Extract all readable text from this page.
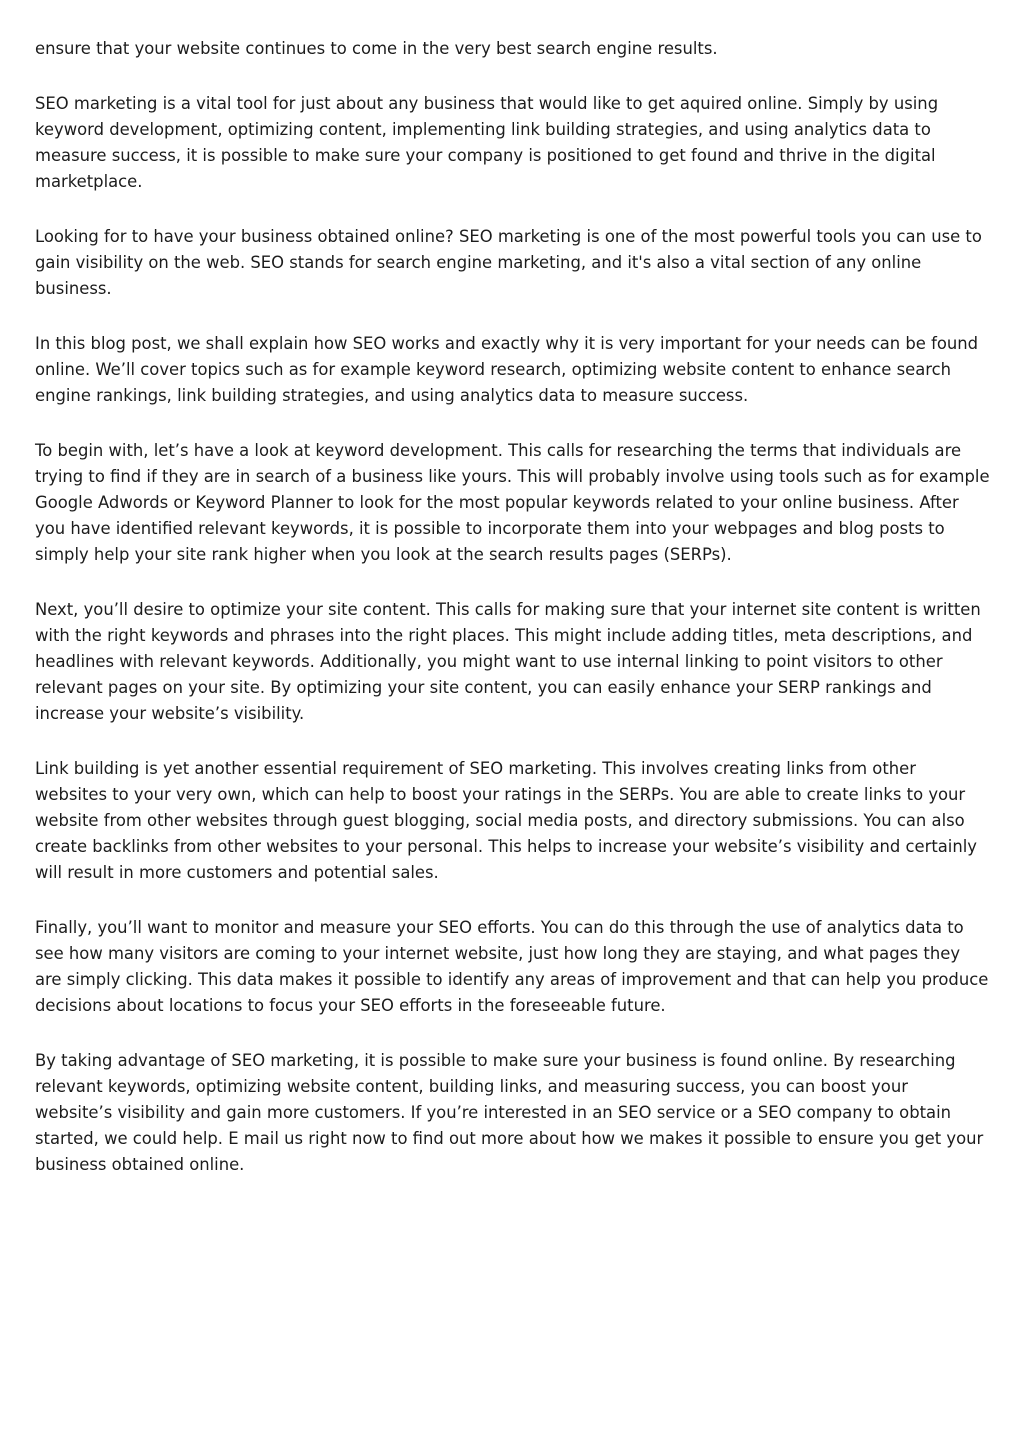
ensure that your website continues to come in the very best search engine results.

SEO marketing is a vital tool for just about any business that would like to get aquired online. Simply by using keyword development, optimizing content, implementing link building strategies, and using analytics data to measure success, it is possible to make sure your company is positioned to get found and thrive in the digital marketplace.

Looking for to have your business obtained online? SEO marketing is one of the most powerful tools you can use to gain visibility on the web. SEO stands for search engine marketing, and it's also a vital section of any online business.

In this blog post, we shall explain how SEO works and exactly why it is very important for your needs can be found online. We’ll cover topics such as for example keyword research, optimizing website content to enhance search engine rankings, link building strategies, and using analytics data to measure success.

To begin with, let’s have a look at keyword development. This calls for researching the terms that individuals are trying to find if they are in search of a business like yours. This will probably involve using tools such as for example Google Adwords or Keyword Planner to look for the most popular keywords related to your online business. After you have identified relevant keywords, it is possible to incorporate them into your webpages and blog posts to simply help your site rank higher when you look at the search results pages (SERPs).

Next, you’ll desire to optimize your site content. This calls for making sure that your internet site content is written with the right keywords and phrases into the right places. This might include adding titles, meta descriptions, and headlines with relevant keywords. Additionally, you might want to use internal linking to point visitors to other relevant pages on your site. By optimizing your site content, you can easily enhance your SERP rankings and increase your website’s visibility.

Link building is yet another essential requirement of SEO marketing. This involves creating links from other websites to your very own, which can help to boost your ratings in the SERPs. You are able to create links to your website from other websites through guest blogging, social media posts, and directory submissions. You can also create backlinks from other websites to your personal. This helps to increase your website’s visibility and certainly will result in more customers and potential sales.

Finally, you’ll want to monitor and measure your SEO efforts. You can do this through the use of analytics data to see how many visitors are coming to your internet website, just how long they are staying, and what pages they are simply clicking. This data makes it possible to identify any areas of improvement and that can help you produce decisions about locations to focus your SEO efforts in the foreseeable future.

By taking advantage of SEO marketing, it is possible to make sure your business is found online. By researching relevant keywords, optimizing website content, building links, and measuring success, you can boost your website’s visibility and gain more customers. If you’re interested in an SEO service or a SEO company to obtain started, we could help. E mail us right now to find out more about how we makes it possible to ensure you get your business obtained online.
